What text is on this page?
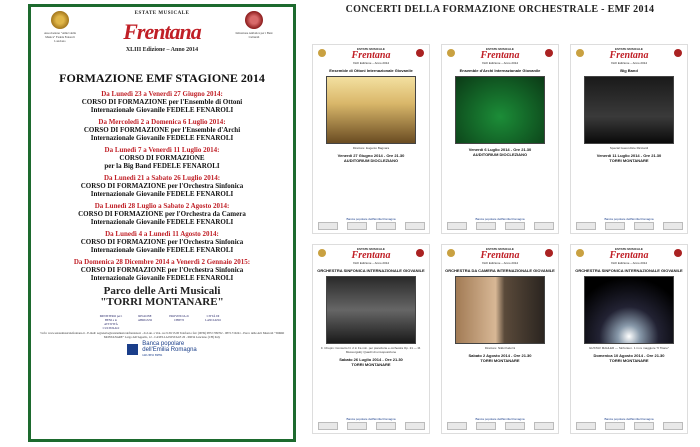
Associazione "Amici della Musica" Fedele Fenaroli Lanciano
Istituzione Adriatica per i Beni Culturali
ESTATE MUSICALE
Frentana
XLIII Edizione – Anno 2014
FORMAZIONE EMF STAGIONE 2014
Da Lunedì 23 a Venerdì 27 Giugno 2014:
CORSO DI FORMAZIONE per l'Ensemble di Ottoni
Internazionale Giovanile FEDELE FENAROLI
Da Mercoledì 2 a Domenica 6 Luglio 2014:
CORSO DI FORMAZIONE per l'Ensemble d'Archi
Internazionale Giovanile FEDELE FENAROLI
Da Lunedì 7 a Venerdì 11 Luglio 2014:
CORSO DI FORMAZIONE
per la Big Band FEDELE FENAROLI
Da Lunedì 21 a Sabato 26 Luglio 2014:
CORSO DI FORMAZIONE per l'Orchestra Sinfonica
Internazionale Giovanile FEDELE FENAROLI
Da Lunedì 28 Luglio a Sabato 2 Agosto 2014:
CORSO DI FORMAZIONE per l'Orchestra da Camera
Internazionale Giovanile FEDELE FENAROLI
Da Lunedì 4 a Lunedì 11 Agosto 2014:
CORSO DI FORMAZIONE per l'Orchestra Sinfonica
Internazionale Giovanile FEDELE FENAROLI
Da Domenica 28 Dicembre 2014 a Venerdì 2 Gennaio 2015:
CORSO DI FORMAZIONE per l'Orchestra Sinfonica
Internazionale Giovanile FEDELE FENAROLI
Parco delle Arti Musicali
"TORRI MONTANARE"
MINISTERO per i BENI e le ATTIVITÀ CULTURALI
REGIONE ABRUZZO
PROVINCIA di CHIETI
CITTÀ DI LANCIANO
• info: www.estatemusicalefrentana.it - E-mail: segreteria@estatemusicalefrentana.it - da Lun. a Ven. ore 9.30/13.00 Telefoni e fax: (0039) 0872.799762 - 0872.710241 - Parco delle Arti Musicali "TORRI MONTANARE" Largo dell'Appello, 12 - CASELLA POSTALE 26 - 66034 Lanciano (CH) Italy
Banca popolare
dell'Emilia Romagna
GRUPPO BPER
CONCERTI DELLA FORMAZIONE ORCHESTRALE - EMF 2014
ESTATE MUSICALE
Frentana
XLIII Edizione – Anno 2014
Ensemble di Ottoni Internazionale Giovanile
Direttore: Eugenio Bagnara
Venerdì 27 Giugno 2014 - Ore 21.30
AUDITORIUM DIOCLEZIANO
Banca popolare dell'Emilia Romagna
ESTATE MUSICALE
Frentana
XLIII Edizione – Anno 2014
Ensemble d'Archi Internazionale Giovanile
Venerdì 6 Luglio 2014 - Ore 21.30
AUDITORIUM DIOCLEZIANO
Banca popolare dell'Emilia Romagna
ESTATE MUSICALE
Frentana
XLIII Edizione – Anno 2014
Big Band
Special Guest Alice Ricciardi
Venerdì 11 Luglio 2014 - Ore 21.30
TORRI MONTANARE
Banca popolare dell'Emilia Romagna
ESTATE MUSICALE
Frentana
XLIII Edizione – Anno 2014
ORCHESTRA SINFONICA INTERNAZIONALE GIOVANILE
F. Chopin: Concerto N. 2 in Fa min. per pianoforte e orchestra Op. 21 — M. Mussorgskij: Quadri di un'esposizione
Sabato 26 Luglio 2014 - Ore 21.30
TORRI MONTANARE
Banca popolare dell'Emilia Romagna
ESTATE MUSICALE
Frentana
XLIII Edizione – Anno 2014
ORCHESTRA DA CAMERA INTERNAZIONALE GIOVANILE
Direttore: Nikki Kaluzni
Sabato 2 Agosto 2014 - Ore 21.30
TORRI MONTANARE
Banca popolare dell'Emilia Romagna
ESTATE MUSICALE
Frentana
XLIII Edizione – Anno 2014
ORCHESTRA SINFONICA INTERNAZIONALE GIOVANILE
GUSTAV MAHLER — Sinfonia n. 1 in re maggiore "Il Titano"
Domenica 10 Agosto 2014 - Ore 21.30
TORRI MONTANARE
Banca popolare dell'Emilia Romagna
